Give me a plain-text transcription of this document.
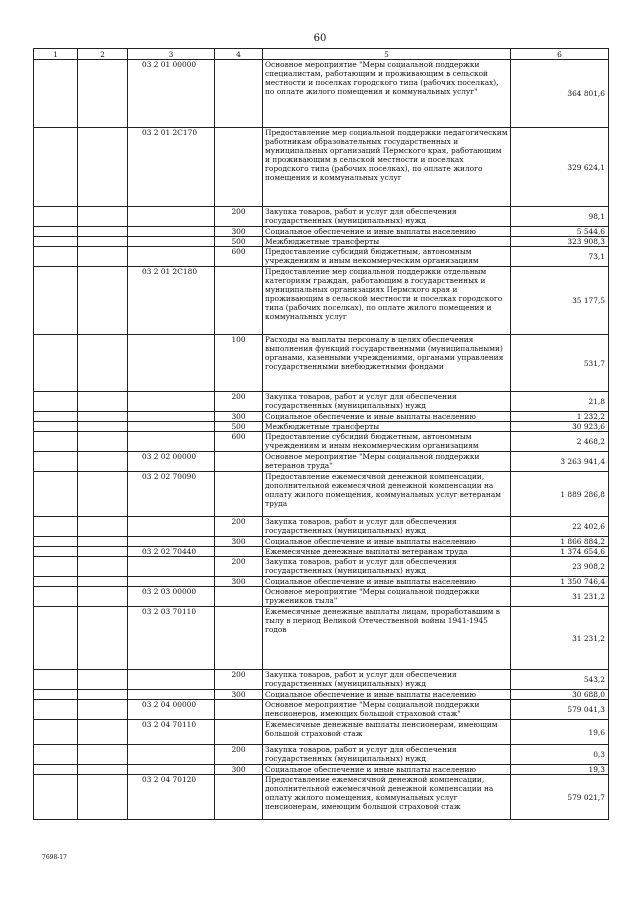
60
1	2	3	4	5	6
		03 2 01 00000		Основное мероприятие "Меры социальной поддержки специалистам, работающим и проживающим в сельской местности и поселках городского типа (рабочих поселках), по оплате жилого помещения и коммунальных услуг"	364 801,6
		03 2 01 2С170		Предоставление мер социальной поддержки педагогическим работникам образовательных государственных и муниципальных организаций Пермского края, работающим и проживающим в сельской местности и поселках городского типа (рабочих поселках), по оплате жилого помещения и коммунальных услуг	329 624,1
			200	Закупка товаров, работ и услуг для обеспечения государственных (муниципальных) нужд	98,1
			300	Социальное обеспечение и иные выплаты населению	5 544,6
			500	Межбюджетные трансферты	323 908,3
			600	Предоставление субсидий бюджетным, автономным учреждениям и иным некоммерческим организациям	73,1
		03 2 01 2С180		Предоставление мер социальной поддержки отдельным категориям граждан, работающим в государственных и муниципальных организациях Пермского края и проживающим в сельской местности и поселках городского типа (рабочих поселках), по оплате жилого помещения и коммунальных услуг	35 177,5
			100	Расходы на выплаты персоналу в целях обеспечения выполнения функций государственными (муниципальными) органами, казенными учреждениями, органами управления государственными внебюджетными фондами	531,7
			200	Закупка товаров, работ и услуг для обеспечения государственных (муниципальных) нужд	21,8
			300	Социальное обеспечение и иные выплаты населению	1 232,2
			500	Межбюджетные трансферты	30 923,6
			600	Предоставление субсидий бюджетным, автономным учреждениям и иным некоммерческим организациям	2 468,2
		03 2 02 00000		Основное мероприятие "Меры социальной поддержки ветеранов труда"	3 263 941,4
		03 2 02 70090		Предоставление ежемесячной денежной компенсации, дополнительной ежемесячной денежной компенсации на оплату жилого помещения, коммунальных услуг ветеранам труда	1 889 286,8
			200	Закупка товаров, работ и услуг для обеспечения государственных (муниципальных) нужд	22 402,6
			300	Социальное обеспечение и иные выплаты населению	1 866 884,2
		03 2 02 70440		Ежемесячные денежные выплаты ветеранам труда	1 374 654,6
			200	Закупка товаров, работ и услуг для обеспечения государственных (муниципальных) нужд	23 908,2
			300	Социальное обеспечение и иные выплаты населению	1 350 746,4
		03 2 03 00000		Основное мероприятие "Меры социальной поддержки тружеников тыла"	31 231,2
		03 2 03 70110		Ежемесячные денежные выплаты лицам, проработавшим в тылу в период Великой Отечественной войны 1941-1945 годов	31 231,2
			200	Закупка товаров, работ и услуг для обеспечения государственных (муниципальных) нужд	543,2
			300	Социальное обеспечение и иные выплаты населению	30 688,0
		03 2 04 00000		Основное мероприятие "Меры социальной поддержки пенсионеров, имеющих большой страховой стаж"	579 041,3
		03 2 04 70110		Ежемесячные денежные выплаты пенсионерам, имеющим большой страховой стаж	19,6
			200	Закупка товаров, работ и услуг для обеспечения государственных (муниципальных) нужд	0,3
			300	Социальное обеспечение и иные выплаты населению	19,3
		03 2 04 70120		Предоставление ежемесячной денежной компенсации, дополнительной ежемесячной денежной компенсации на оплату жилого помещения, коммунальных услуг пенсионерам, имеющим большой страховой стаж	579 021,7
7698-17
